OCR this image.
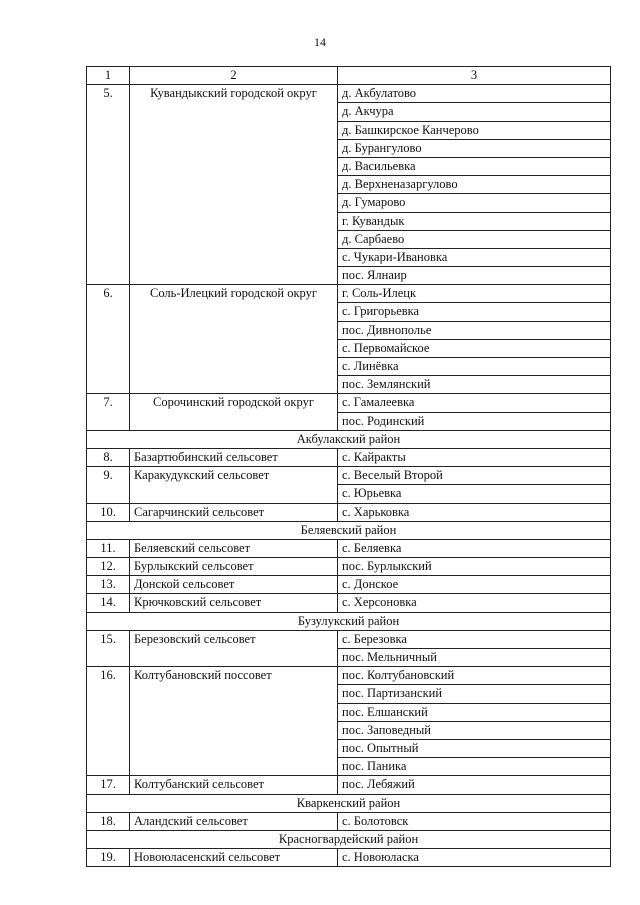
14
1	2	3
5.	Кувандыкский городской округ	д. Акбулатово
		д. Акчура
		д. Башкирское Канчерово
		д. Бурангулово
		д. Васильевка
		д. Верхненазаргулово
		д. Гумарово
		г. Кувандык
		д. Сарбаево
		с. Чукари-Ивановка
		пос. Ялнаир
6.	Соль-Илецкий городской округ	г. Соль-Илецк
		с. Григорьевка
		пос. Дивнополье
		с. Первомайское
		с. Линёвка
		пос. Землянский
7.	Сорочинский городской округ	с. Гамалеевка
		пос. Родинский
Акбулакский район		
8.	Базартюбинский сельсовет	с. Кайракты
9.	Каракудукский сельсовет	с. Веселый Второй
		с. Юрьевка
10.	Сагарчинский сельсовет	с. Харьковка
Беляевский район		
11.	Беляевский сельсовет	с. Беляевка
12.	Бурлыкский сельсовет	пос. Бурлыкский
13.	Донской сельсовет	с. Донское
14.	Крючковский сельсовет	с. Херсоновка
Бузулукский район		
15.	Березовский сельсовет	с. Березовка
		пос. Мельничный
16.	Колтубановский поссовет	пос. Колтубановский
		пос. Партизанский
		пос. Елшанский
		пос. Заповедный
		пос. Опытный
		пос. Паника
17.	Колтубанский сельсовет	пос. Лебяжий
Кваркенский район		
18.	Аландский сельсовет	с. Болотовск
Красногвардейский район		
19.	Новоюласенский сельсовет	с. Новоюласка
